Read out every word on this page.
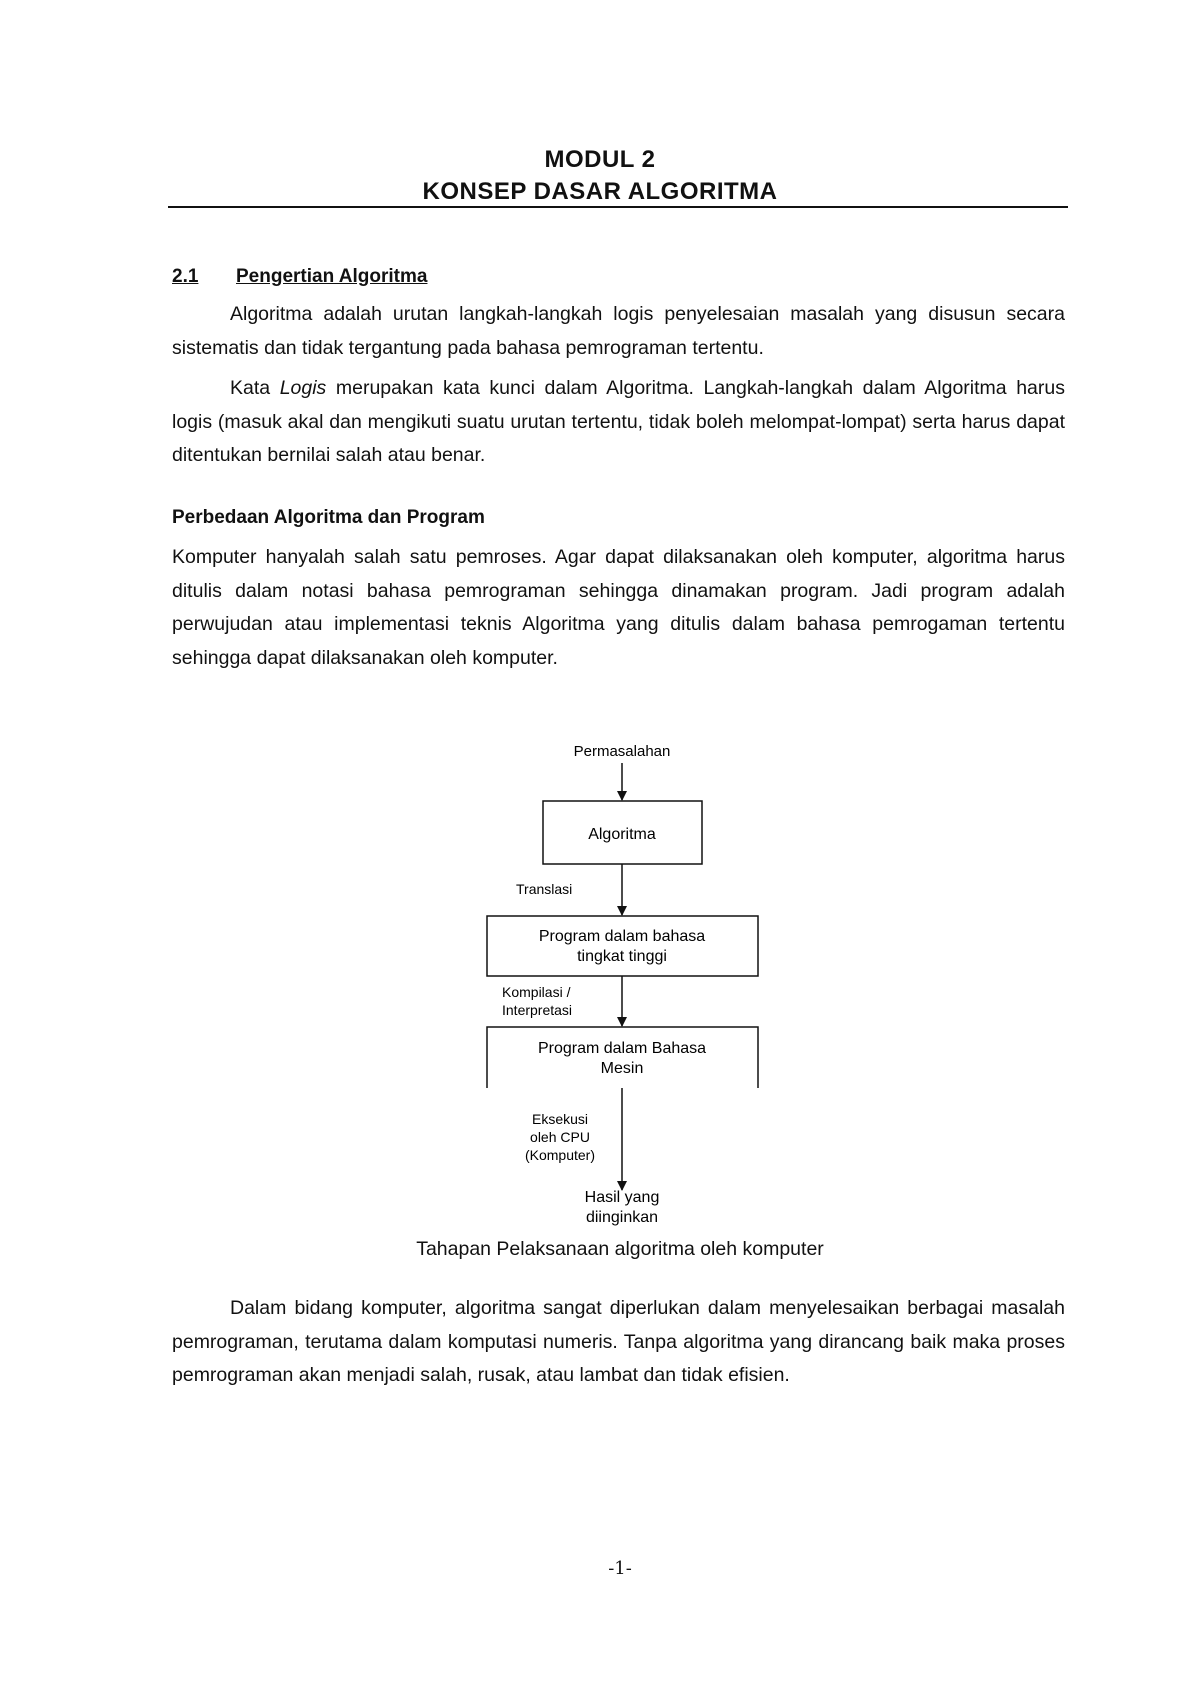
MODUL 2
KONSEP DASAR ALGORITMA
2.1	Pengertian Algoritma

Algoritma adalah urutan langkah-langkah logis penyelesaian masalah yang disusun secara sistematis dan tidak tergantung pada bahasa pemrograman tertentu.

Kata Logis merupakan kata kunci dalam Algoritma. Langkah-langkah dalam Algoritma harus logis (masuk akal dan mengikuti suatu urutan tertentu, tidak boleh melompat-lompat) serta harus dapat ditentukan bernilai salah atau benar.

Perbedaan Algoritma dan Program

Komputer hanyalah salah satu pemroses. Agar dapat dilaksanakan oleh komputer, algoritma harus ditulis dalam notasi bahasa pemrograman sehingga dinamakan program. Jadi program adalah perwujudan atau implementasi teknis Algoritma yang ditulis dalam bahasa pemrogaman tertentu sehingga dapat dilaksanakan oleh komputer.

Permasalahan
Algoritma
Translasi
Program dalam bahasa
tingkat tinggi
Kompilasi /
Interpretasi
Program dalam Bahasa
Mesin
Eksekusi
oleh CPU
(Komputer)
Hasil yang
diinginkan
Tahapan Pelaksanaan algoritma oleh komputer

Dalam bidang komputer, algoritma sangat diperlukan dalam menyelesaikan berbagai masalah pemrograman, terutama dalam komputasi numeris. Tanpa algoritma yang dirancang baik maka proses pemrograman akan menjadi salah, rusak, atau lambat dan tidak efisien.

-1-
